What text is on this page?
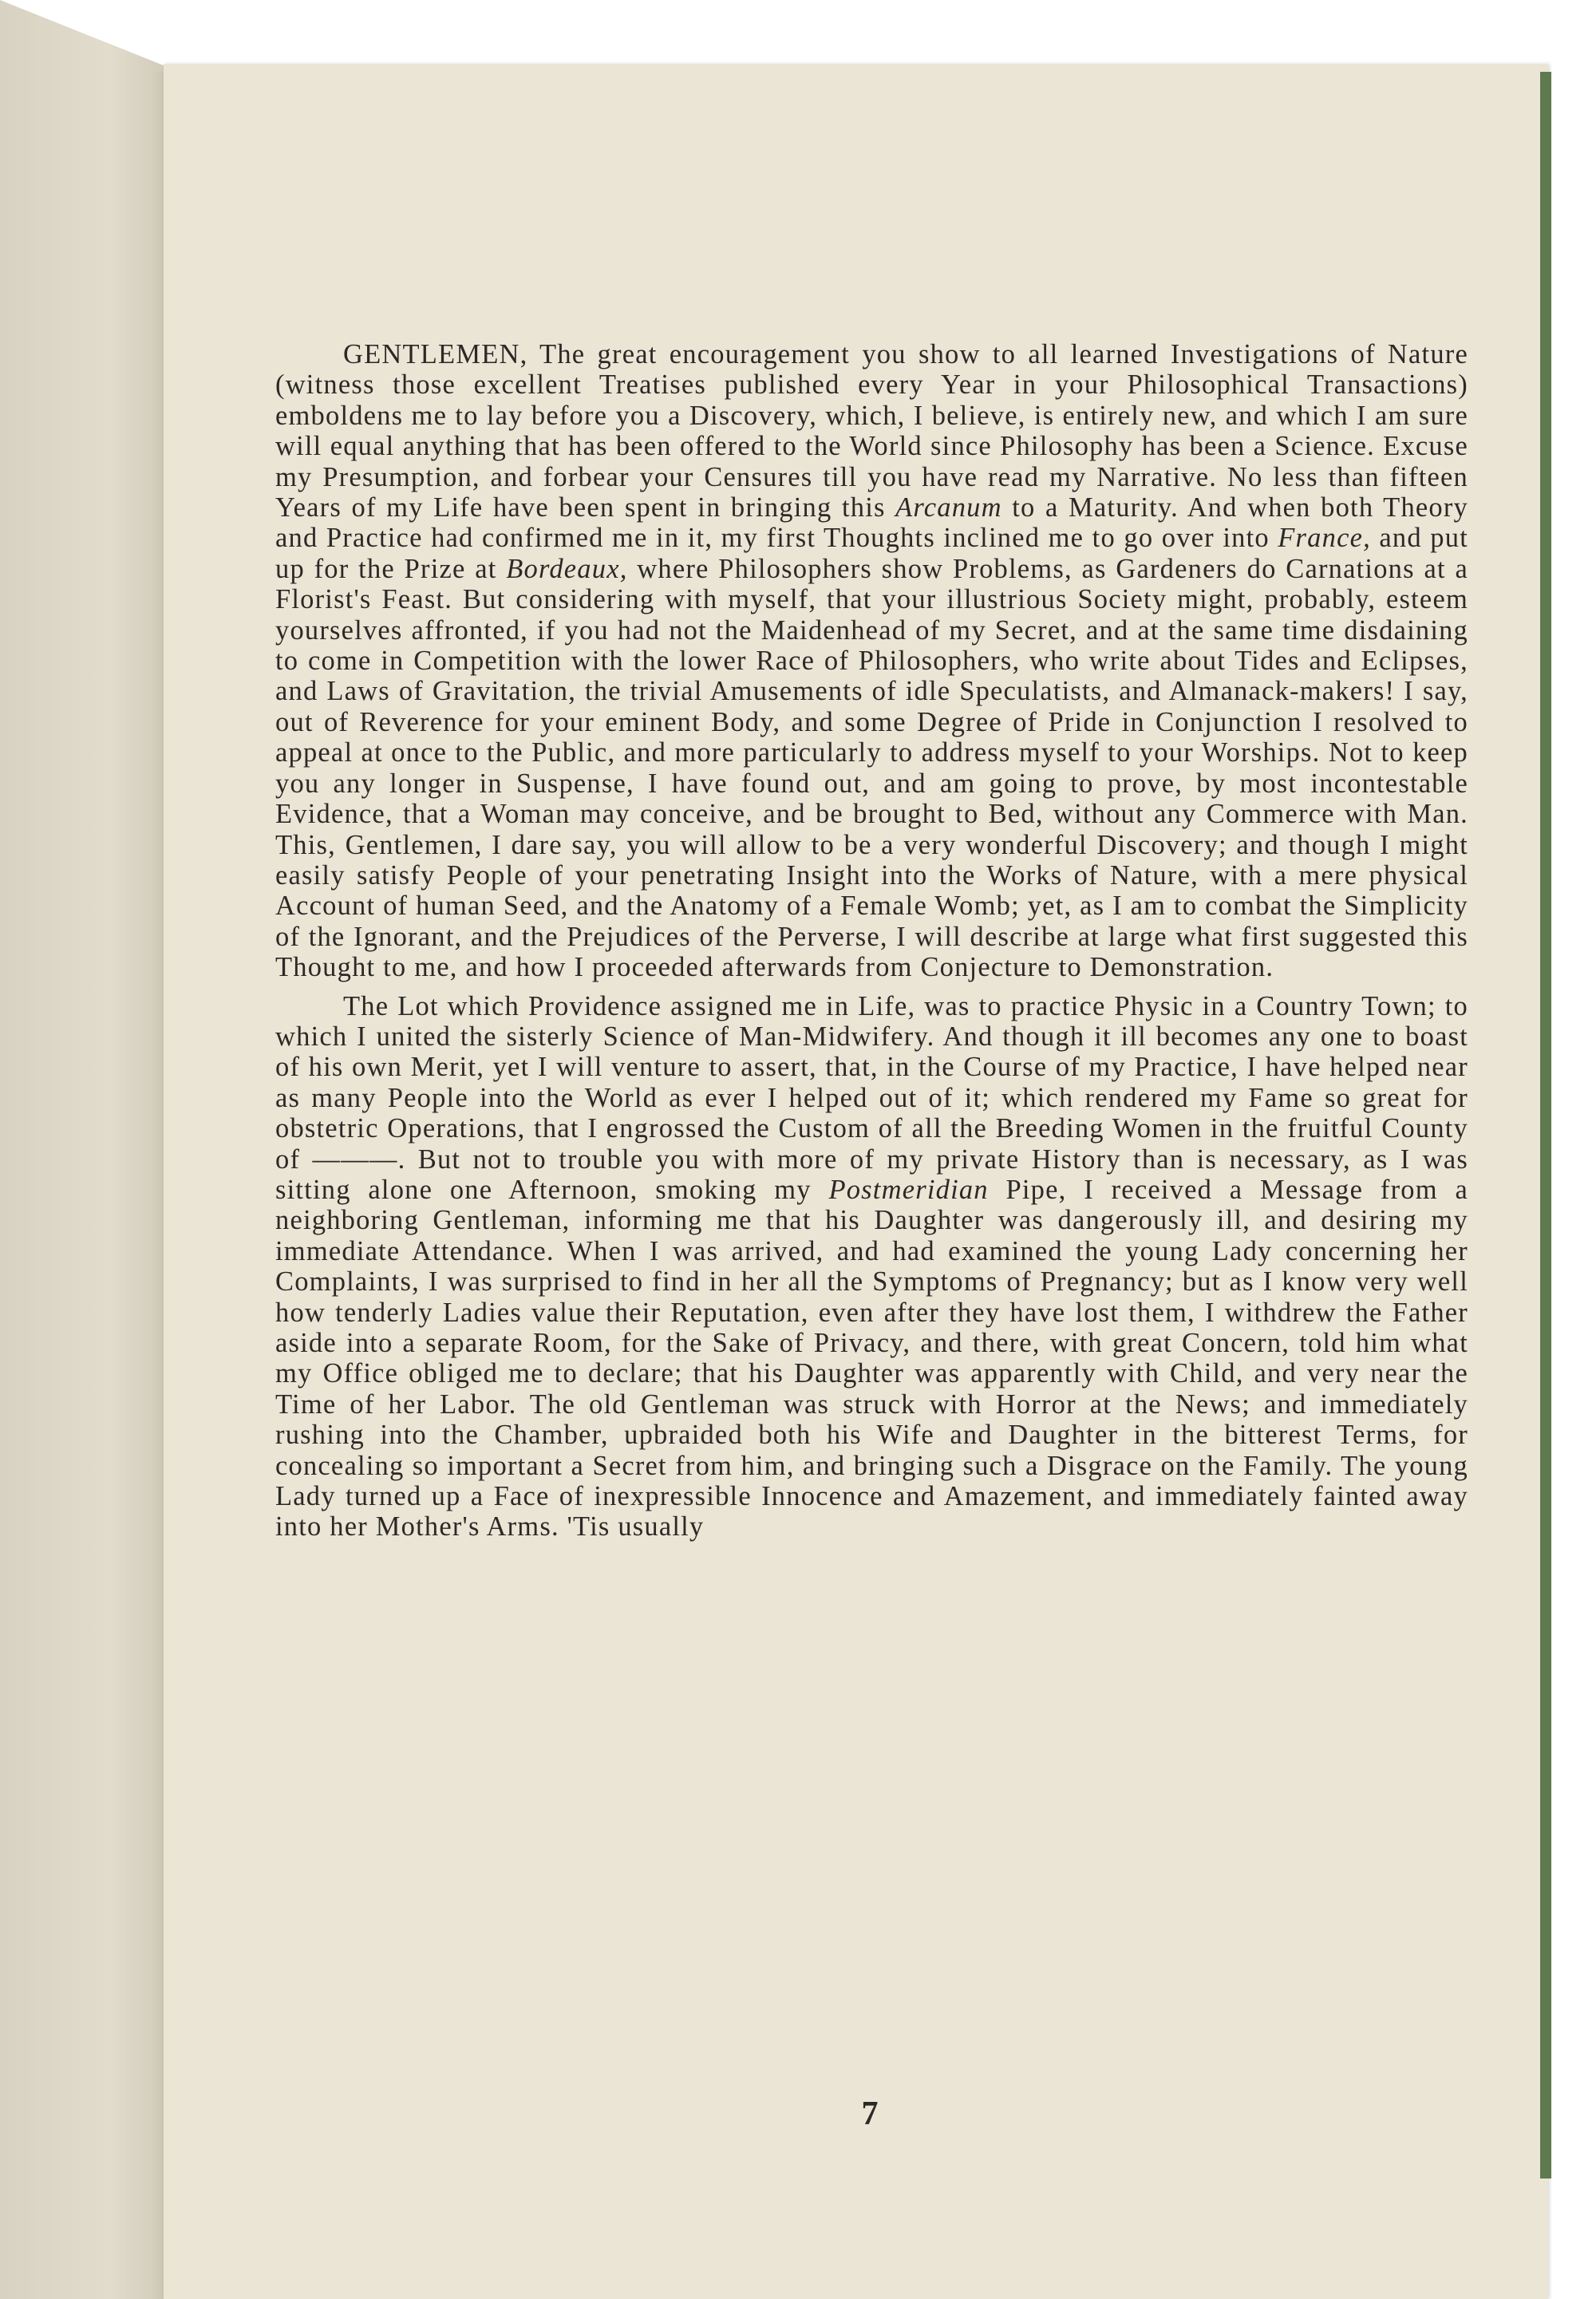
GENTLEMEN, The great encouragement you show to all learned Investigations of Nature (witness those excellent Treatises published every Year in your Philosophical Transactions) emboldens me to lay before you a Discovery, which, I believe, is entirely new, and which I am sure will equal anything that has been offered to the World since Philosophy has been a Science. Excuse my Presumption, and forbear your Censures till you have read my Narrative. No less than fifteen Years of my Life have been spent in bringing this Arcanum to a Maturity. And when both Theory and Practice had confirmed me in it, my first Thoughts inclined me to go over into France, and put up for the Prize at Bordeaux, where Philosophers show Problems, as Gardeners do Carnations at a Florist's Feast. But considering with myself, that your illustrious Society might, probably, esteem yourselves affronted, if you had not the Maidenhead of my Secret, and at the same time disdaining to come in Competition with the lower Race of Philosophers, who write about Tides and Eclipses, and Laws of Gravitation, the trivial Amusements of idle Speculatists, and Almanack-makers! I say, out of Reverence for your eminent Body, and some Degree of Pride in Conjunction I resolved to appeal at once to the Public, and more particularly to address myself to your Worships. Not to keep you any longer in Suspense, I have found out, and am going to prove, by most incontestable Evidence, that a Woman may conceive, and be brought to Bed, without any Commerce with Man. This, Gentlemen, I dare say, you will allow to be a very wonderful Discovery; and though I might easily satisfy People of your penetrating Insight into the Works of Nature, with a mere physical Account of human Seed, and the Anatomy of a Female Womb; yet, as I am to combat the Simplicity of the Ignorant, and the Prejudices of the Perverse, I will describe at large what first suggested this Thought to me, and how I proceeded afterwards from Conjecture to Demonstration.

The Lot which Providence assigned me in Life, was to practice Physic in a Country Town; to which I united the sisterly Science of Man-Midwifery. And though it ill becomes any one to boast of his own Merit, yet I will venture to assert, that, in the Course of my Practice, I have helped near as many People into the World as ever I helped out of it; which rendered my Fame so great for obstetric Operations, that I engrossed the Custom of all the Breeding Women in the fruitful County of ———. But not to trouble you with more of my private History than is necessary, as I was sitting alone one Afternoon, smoking my Postmeridian Pipe, I received a Message from a neighboring Gentleman, informing me that his Daughter was dangerously ill, and desiring my immediate Attendance. When I was arrived, and had examined the young Lady concerning her Complaints, I was surprised to find in her all the Symptoms of Pregnancy; but as I know very well how tenderly Ladies value their Reputation, even after they have lost them, I withdrew the Father aside into a separate Room, for the Sake of Privacy, and there, with great Concern, told him what my Office obliged me to declare; that his Daughter was apparently with Child, and very near the Time of her Labor. The old Gentleman was struck with Horror at the News; and immediately rushing into the Chamber, upbraided both his Wife and Daughter in the bitterest Terms, for concealing so important a Secret from him, and bringing such a Disgrace on the Family. The young Lady turned up a Face of inexpressible Innocence and Amazement, and immediately fainted away into her Mother's Arms. 'Tis usually

7
